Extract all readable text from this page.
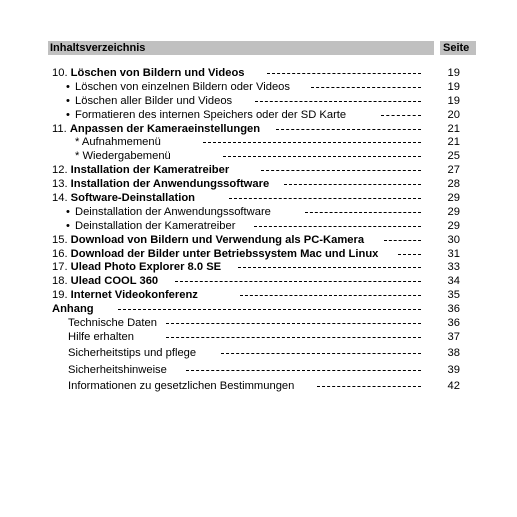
Inhaltsverzeichnis	Seite
10. Löschen von Bildern und Videos	19
• Löschen von einzelnen Bildern oder Videos	19
• Löschen aller Bilder und Videos	19
• Formatieren des internen Speichers oder der SD Karte	20
11. Anpassen der Kameraeinstellungen	21
* Aufnahmemenü	21
* Wiedergabemenü	25
12. Installation der Kameratreiber	27
13. Installation der Anwendungssoftware	28
14. Software-Deinstallation	29
• Deinstallation der Anwendungssoftware	29
• Deinstallation der Kameratreiber	29
15. Download von Bildern und Verwendung als PC-Kamera	30
16. Download der Bilder unter Betriebssystem Mac und Linux	31
17. Ulead Photo Explorer 8.0 SE	33
18. Ulead COOL 360	34
19. Internet Videokonferenz	35
Anhang	36
Technische Daten	36
Hilfe erhalten	37
Sicherheitstips und pflege	38
Sicherheitshinweise	39
Informationen zu gesetzlichen Bestimmungen	42
